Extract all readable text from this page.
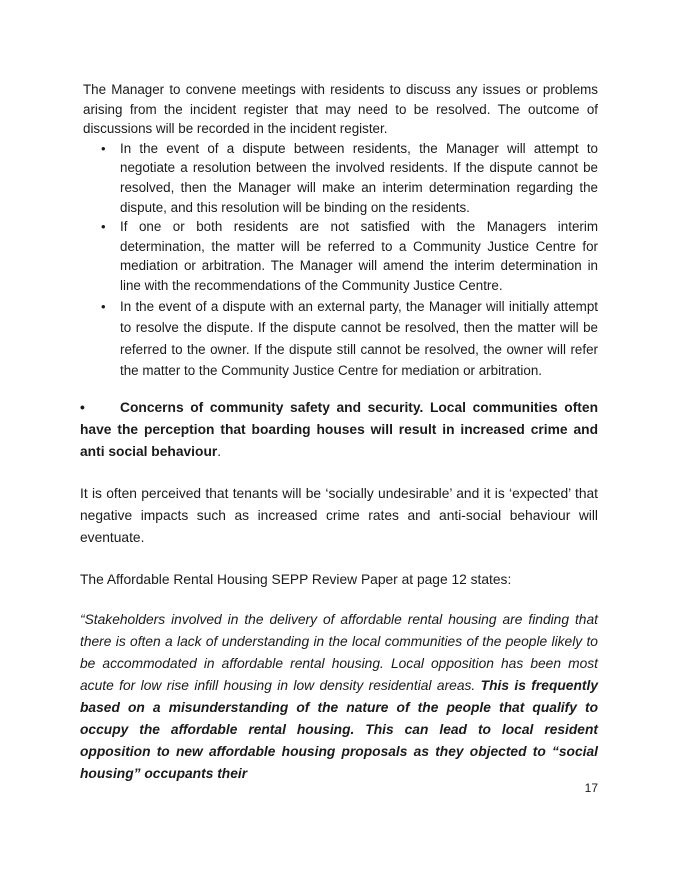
The Manager to convene meetings with residents to discuss any issues or problems arising from the incident register that may need to be resolved. The outcome of discussions will be recorded in the incident register.

• In the event of a dispute between residents, the Manager will attempt to negotiate a resolution between the involved residents. If the dispute cannot be resolved, then the Manager will make an interim determination regarding the dispute, and this resolution will be binding on the residents.
• If one or both residents are not satisfied with the Managers interim determination, the matter will be referred to a Community Justice Centre for mediation or arbitration. The Manager will amend the interim determination in line with the recommendations of the Community Justice Centre.
• In the event of a dispute with an external party, the Manager will initially attempt to resolve the dispute. If the dispute cannot be resolved, then the matter will be referred to the owner. If the dispute still cannot be resolved, the owner will refer the matter to the Community Justice Centre for mediation or arbitration.

•	Concerns of community safety and security. Local communities often have the perception that boarding houses will result in increased crime and anti social behaviour.

It is often perceived that tenants will be ‘socially undesirable’ and it is ‘expected’ that negative impacts such as increased crime rates and anti-social behaviour will eventuate.

The Affordable Rental Housing SEPP Review Paper at page 12 states:

“Stakeholders involved in the delivery of affordable rental housing are finding that there is often a lack of understanding in the local communities of the people likely to be accommodated in affordable rental housing. Local opposition has been most acute for low rise infill housing in low density residential areas. This is frequently based on a misunderstanding of the nature of the people that qualify to occupy the affordable rental housing. This can lead to local resident opposition to new affordable housing proposals as they objected to “social housing” occupants their

17
